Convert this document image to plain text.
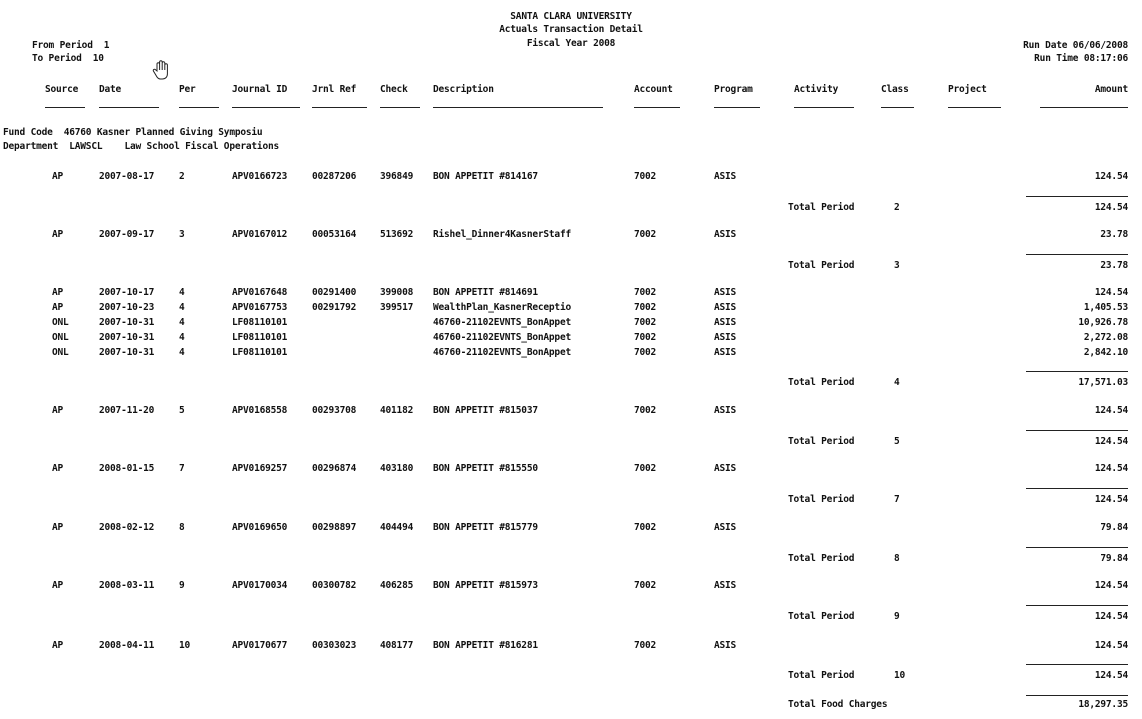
SANTA CLARA UNIVERSITY
Actuals Transaction Detail
Fiscal Year 2008
From Period 1
To Period 10
Run Date 06/06/2008
Run Time 08:17:06
Source Date	Per	Journal ID	Jrnl Ref	Check	Description	Account	Program	Activity	Class	Project	Amount
Fund Code 46760 Kasner Planned Giving Symposiu
Department LAWSCL Law School Fiscal Operations
AP	2007-08-17	2	APV0166723	00287206	396849 BON APPETIT #814167	7002	ASIS	124.54
Total Period	2	124.54
AP	2007-09-17	3	APV0167012	00053164	513692 Rishel_Dinner4KasnerStaff	7002	ASIS	23.78
Total Period	3	23.78
AP	2007-10-17	4	APV0167648	00291400	399008 BON APPETIT #814691	7002	ASIS	124.54
AP	2007-10-23	4	APV0167753	00291792	399517 WealthPlan_KasnerReceptio	7002	ASIS	1,405.53
ONL	2007-10-31	4	LF08110101	46760-21102EVNTS_BonAppet	7002	ASIS	10,926.78
ONL	2007-10-31	4	LF08110101	46760-21102EVNTS_BonAppet	7002	ASIS	2,272.08
ONL	2007-10-31	4	LF08110101	46760-21102EVNTS_BonAppet	7002	ASIS	2,842.10
Total Period	4	17,571.03
AP	2007-11-20	5	APV0168558	00293708	401182 BON APPETIT #815037	7002	ASIS	124.54
Total Period	5	124.54
AP	2008-01-15	7	APV0169257	00296874	403180 BON APPETIT #815550	7002	ASIS	124.54
Total Period	7	124.54
AP	2008-02-12	8	APV0169650	00298897	404494 BON APPETIT #815779	7002	ASIS	79.84
Total Period	8	79.84
AP	2008-03-11	9	APV0170034	00300782	406285 BON APPETIT #815973	7002	ASIS	124.54
Total Period	9	124.54
AP	2008-04-11	10	APV0170677	00303023	408177 BON APPETIT #816281	7002	ASIS	124.54
Total Period	10	124.54
Total Food Charges	18,297.35
